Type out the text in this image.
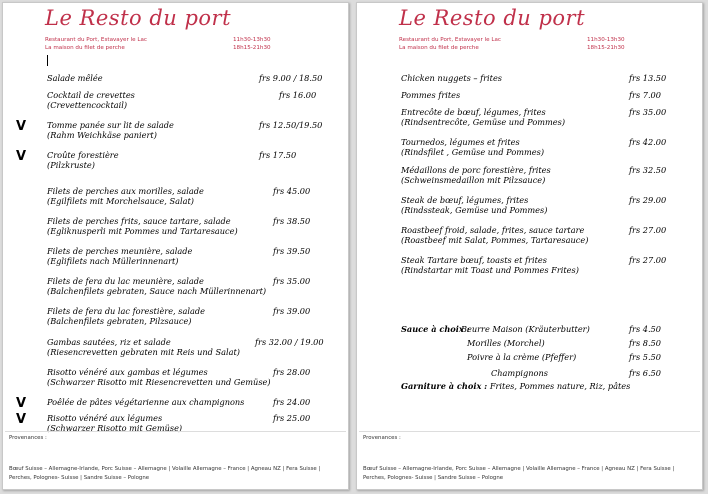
Le Resto du port
Restaurant du Port, Estavayer le Lac	11h30-13h30
La maison du filet de perche	18h15-21h30
Salade mêlée	frs 9.00 / 18.50
Cocktail de crevettes
(Crevettencocktail)
frs 16.00
V	Tomme panée sur lit de salade
(Rahm Weichkäse paniert)
frs 12.50/19.50
V	Croûte forestière
(Pilzkruste)
frs 17.50
Filets de perches aux morilles, salade
(Egilfilets mit Morchelsauce, Salat)
frs 45.00
Filets de perches frits, sauce tartare, salade
(Egliknusperli mit Pommes und Tartaresauce)
frs 38.50
Filets de perches meunière, salade
(Eglifilets nach Müllerinnenart)
frs 39.50
Filets de fera du lac meunière, salade
(Balchenfilets gebraten, Sauce nach Müllerinnenart)
frs 35.00
Filets de fera du lac forestière, salade
(Balchenfilets gebraten, Pilzsauce)
frs 39.00
Gambas sautées, riz et salade
(Riesencrevetten gebraten mit Reis und Salat)
frs 32.00 / 19.00
Risotto vénéré aux gambas et légumes
(Schwarzer Risotto mit Riesencrevetten und Gemüse)
frs 28.00
V	Poêlée de pâtes végétarienne aux champignons	frs 24.00
V	Risotto vénéré aux légumes
(Schwarzer Risotto mit Gemüse)
frs 25.00
Provenances :
Bœuf Suisse – Allemagne-Irlande, Porc Suisse – Allemagne | Volaille Allemagne – France | Agneau NZ | Fera Suisse |
Perches, Polognes- Suisse | Sandre Suisse – Pologne
Le Resto du port
Restaurant du Port, Estavayer le Lac	11h30-13h30
La maison du filet de perche	18h15-21h30
Chicken nuggets – frites	frs 13.50
Pommes frites	frs 7.00
Entrecôte de bœuf, légumes, frites
(Rindsentrecôte, Gemüse und Pommes)
frs 35.00
Tournedos, légumes et frites
(Rindsfilet , Gemüse und Pommes)
frs 42.00
Médaillons de porc forestière, frites
(Schweinsmedaillon mit Pilzsauce)
frs 32.50
Steak de bœuf, légumes, frites
(Rindssteak, Gemüse und Pommes)
frs 29.00
Roastbeef froid, salade, frites, sauce tartare
(Roastbeef mit Salat, Pommes, Tartaresauce)
frs 27.00
Steak Tartare bœuf, toasts et frites
(Rindstartar mit Toast und Pommes Frites)
frs 27.00
Sauce à choix :
Beurre Maison (Kräuterbutter)	frs 4.50
Morilles (Morchel)	frs 8.50
Poivre à la crème (Pfeffer)	frs 5.50
Champignons	frs 6.50
Garniture à choix : Frites, Pommes nature, Riz, pâtes
Provenances :
Bœuf Suisse – Allemagne-Irlande, Porc Suisse – Allemagne | Volaille Allemagne – France | Agneau NZ | Fera Suisse |
Perches, Polognes- Suisse | Sandre Suisse – Pologne
